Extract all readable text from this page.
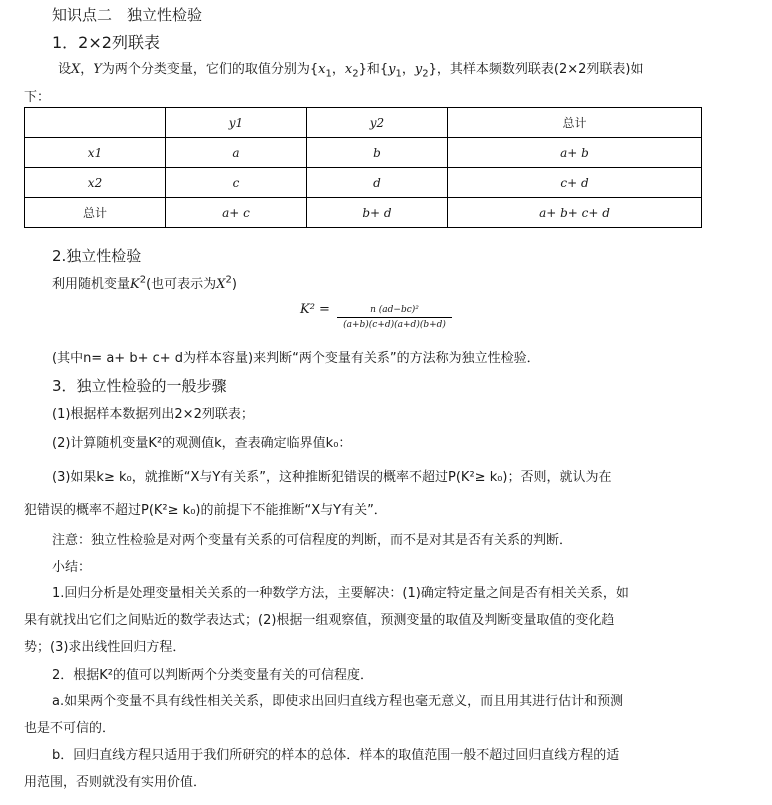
知识点二　独立性检验
1．2×2列联表
设X，Y为两个分类变量，它们的取值分别为{$x_1$，$x_2$}和{$y_1$，$y_2$}，其样本频数列联表(2×2列联表)如
下：
	y1	y2	总计
x1	a	b	a+ b
x2	c	d	c+ d
总计	a+ c	b+ d	a+ b+ c+ d
2.独立性检验
利用随机变量$K^2$(也可表示为$X^2$)
K² =	n (ad−bc)²
(a+b)(c+d)(a+d)(b+d)
(其中n= a+ b+ c+ d为样本容量)来判断“两个变量有关系”的方法称为独立性检验．
3．独立性检验的一般步骤
(1)根据样本数据列出2×2列联表；
(2)计算随机变量K²的观测值k，查表确定临界值k₀：
(3)如果k≥ k₀，就推断“X与Y有关系”，这种推断犯错误的概率不超过P(K²≥ k₀)；否则，就认为在
犯错误的概率不超过P(K²≥ k₀)的前提下不能推断“X与Y有关”．
注意：独立性检验是对两个变量有关系的可信程度的判断，而不是对其是否有关系的判断．
小结：
1.回归分析是处理变量相关关系的一种数学方法，主要解决：(1)确定特定量之间是否有相关关系，如
果有就找出它们之间贴近的数学表达式；(2)根据一组观察值，预测变量的取值及判断变量取值的变化趋
势；(3)求出线性回归方程．
2．根据K²的值可以判断两个分类变量有关的可信程度．
a.如果两个变量不具有线性相关关系，即使求出回归直线方程也毫无意义，而且用其进行估计和预测
也是不可信的．
b．回归直线方程只适用于我们所研究的样本的总体．样本的取值范围一般不超过回归直线方程的适
用范围，否则就没有实用价值．
